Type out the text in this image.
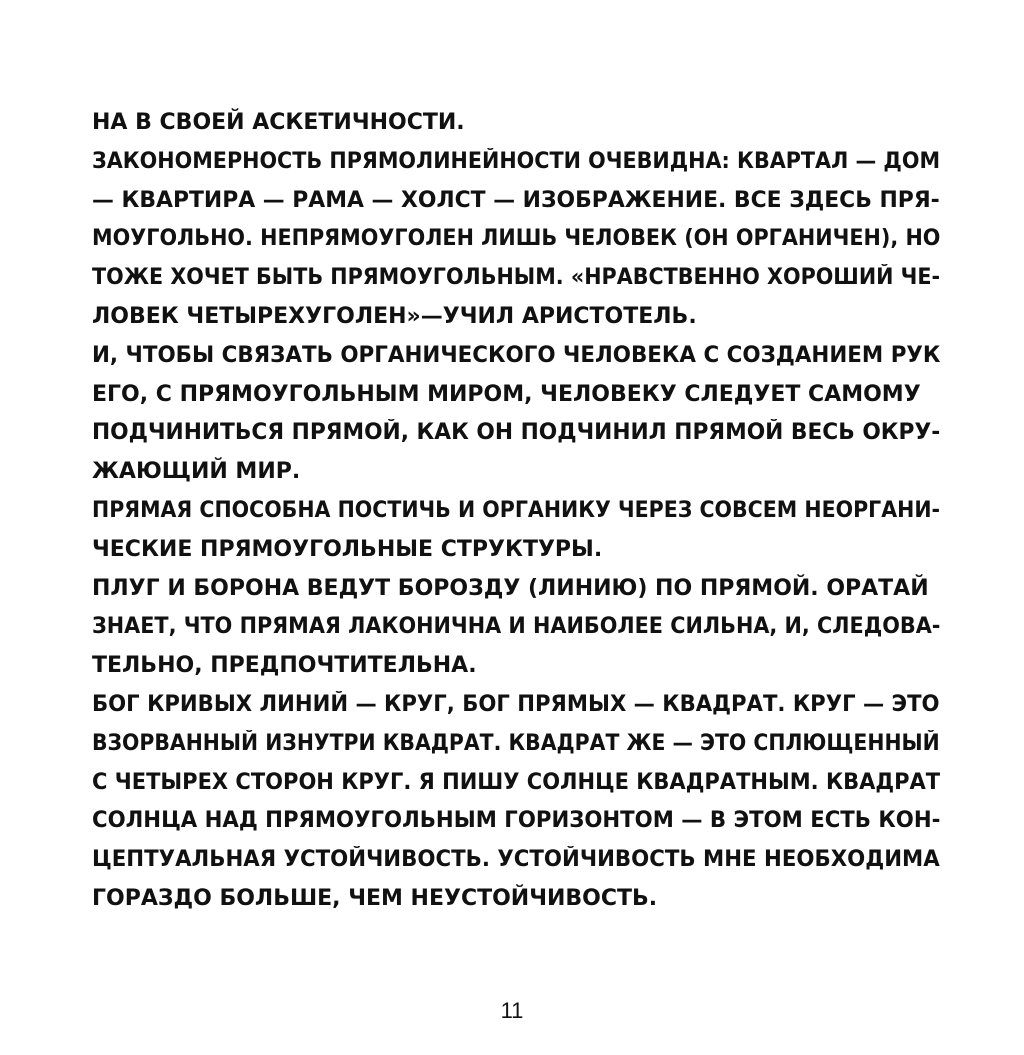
НА В СВОЕЙ АСКЕТИЧНОСТИ.
ЗАКОНОМЕРНОСТЬ ПРЯМОЛИНЕЙНОСТИ ОЧЕВИДНА: КВАРТАЛ — ДОМ
— КВАРТИРА — РАМА — ХОЛСТ — ИЗОБРАЖЕНИЕ. ВСЕ ЗДЕСЬ ПРЯ-
МОУГОЛЬНО. НЕПРЯМОУГОЛЕН ЛИШЬ ЧЕЛОВЕК (ОН ОРГАНИЧЕН), НО
ТОЖЕ ХОЧЕТ БЫТЬ ПРЯМОУГОЛЬНЫМ. «НРАВСТВЕННО ХОРОШИЙ ЧЕ-
ЛОВЕК ЧЕТЫРЕХУГОЛЕН»—УЧИЛ АРИСТОТЕЛЬ.
И, ЧТОБЫ СВЯЗАТЬ ОРГАНИЧЕСКОГО ЧЕЛОВЕКА С СОЗДАНИЕМ РУК
ЕГО, С ПРЯМОУГОЛЬНЫМ МИРОМ, ЧЕЛОВЕКУ СЛЕДУЕТ САМОМУ
ПОДЧИНИТЬСЯ ПРЯМОЙ, КАК ОН ПОДЧИНИЛ ПРЯМОЙ ВЕСЬ ОКРУ-
ЖАЮЩИЙ МИР.
ПРЯМАЯ СПОСОБНА ПОСТИЧЬ И ОРГАНИКУ ЧЕРЕЗ СОВСЕМ НЕОРГАНИ-
ЧЕСКИЕ ПРЯМОУГОЛЬНЫЕ СТРУКТУРЫ.
ПЛУГ И БОРОНА ВЕДУТ БОРОЗДУ (ЛИНИЮ) ПО ПРЯМОЙ. ОРАТАЙ
ЗНАЕТ, ЧТО ПРЯМАЯ ЛАКОНИЧНА И НАИБОЛЕЕ СИЛЬНА, И, СЛЕДОВА-
ТЕЛЬНО, ПРЕДПОЧТИТЕЛЬНА.
БОГ КРИВЫХ ЛИНИЙ — КРУГ, БОГ ПРЯМЫХ — КВАДРАТ. КРУГ — ЭТО
ВЗОРВАННЫЙ ИЗНУТРИ КВАДРАТ. КВАДРАТ ЖЕ — ЭТО СПЛЮЩЕННЫЙ
С ЧЕТЫРЕХ СТОРОН КРУГ. Я ПИШУ СОЛНЦЕ КВАДРАТНЫМ. КВАДРАТ
СОЛНЦА НАД ПРЯМОУГОЛЬНЫМ ГОРИЗОНТОМ — В ЭТОМ ЕСТЬ КОН-
ЦЕПТУАЛЬНАЯ УСТОЙЧИВОСТЬ. УСТОЙЧИВОСТЬ МНЕ НЕОБХОДИМА
ГОРАЗДО БОЛЬШЕ, ЧЕМ НЕУСТОЙЧИВОСТЬ.
11
